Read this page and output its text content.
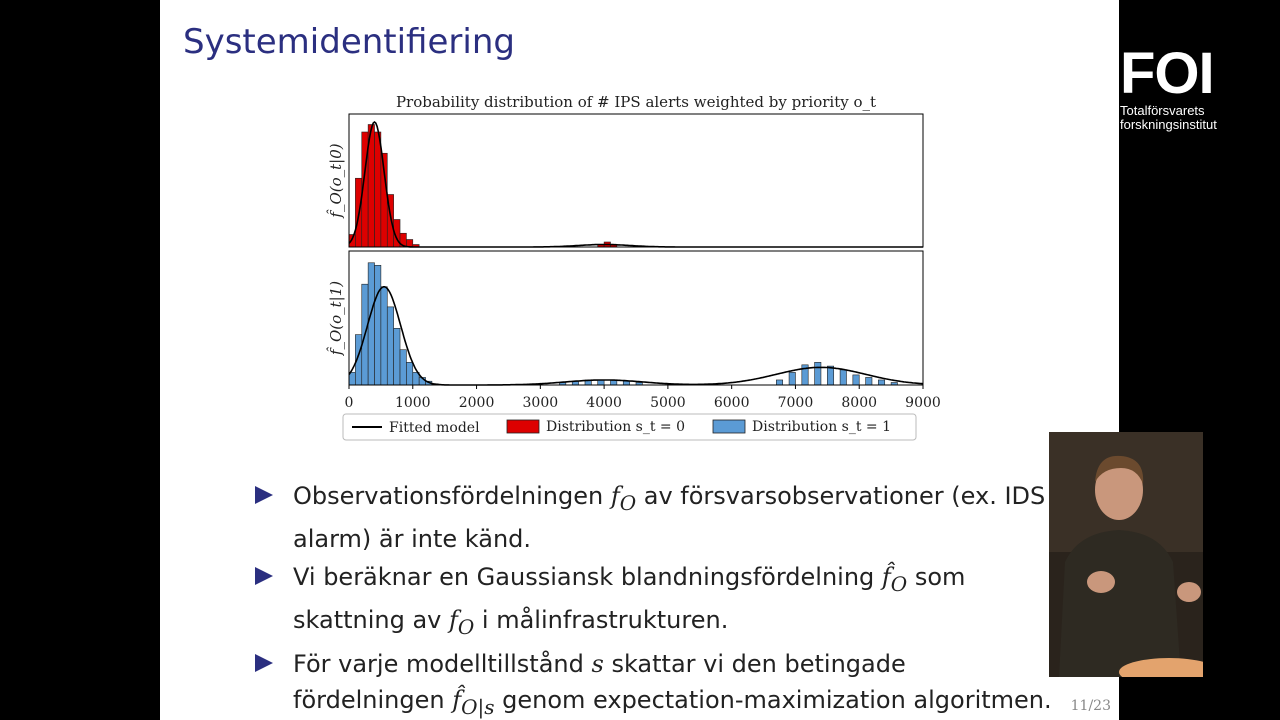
Systemidentifiering
Probability distribution of # IPS alerts weighted by priority o_t
f̂_O(o_t|0)
f̂_O(o_t|1)
0	1000 2000 3000 4000 5000 6000 7000 8000 9000
Fitted model	Distribution s_t = 0	Distribution s_t = 1
Observationsfördelningen $f_O$ av försvarsobservationer (ex. IDS alarm) är inte känd.
Vi beräknar en Gaussiansk blandningsfördelning $f̂_O$ som skattning av $f_O$ i målinfrastrukturen.
För varje modelltillstånd s skattar vi den betingade fördelningen $f̂_{O|s}$ genom expectation-maximization algoritmen. 11/23
FOI
Totalförsvarets
forskningsinstitut
